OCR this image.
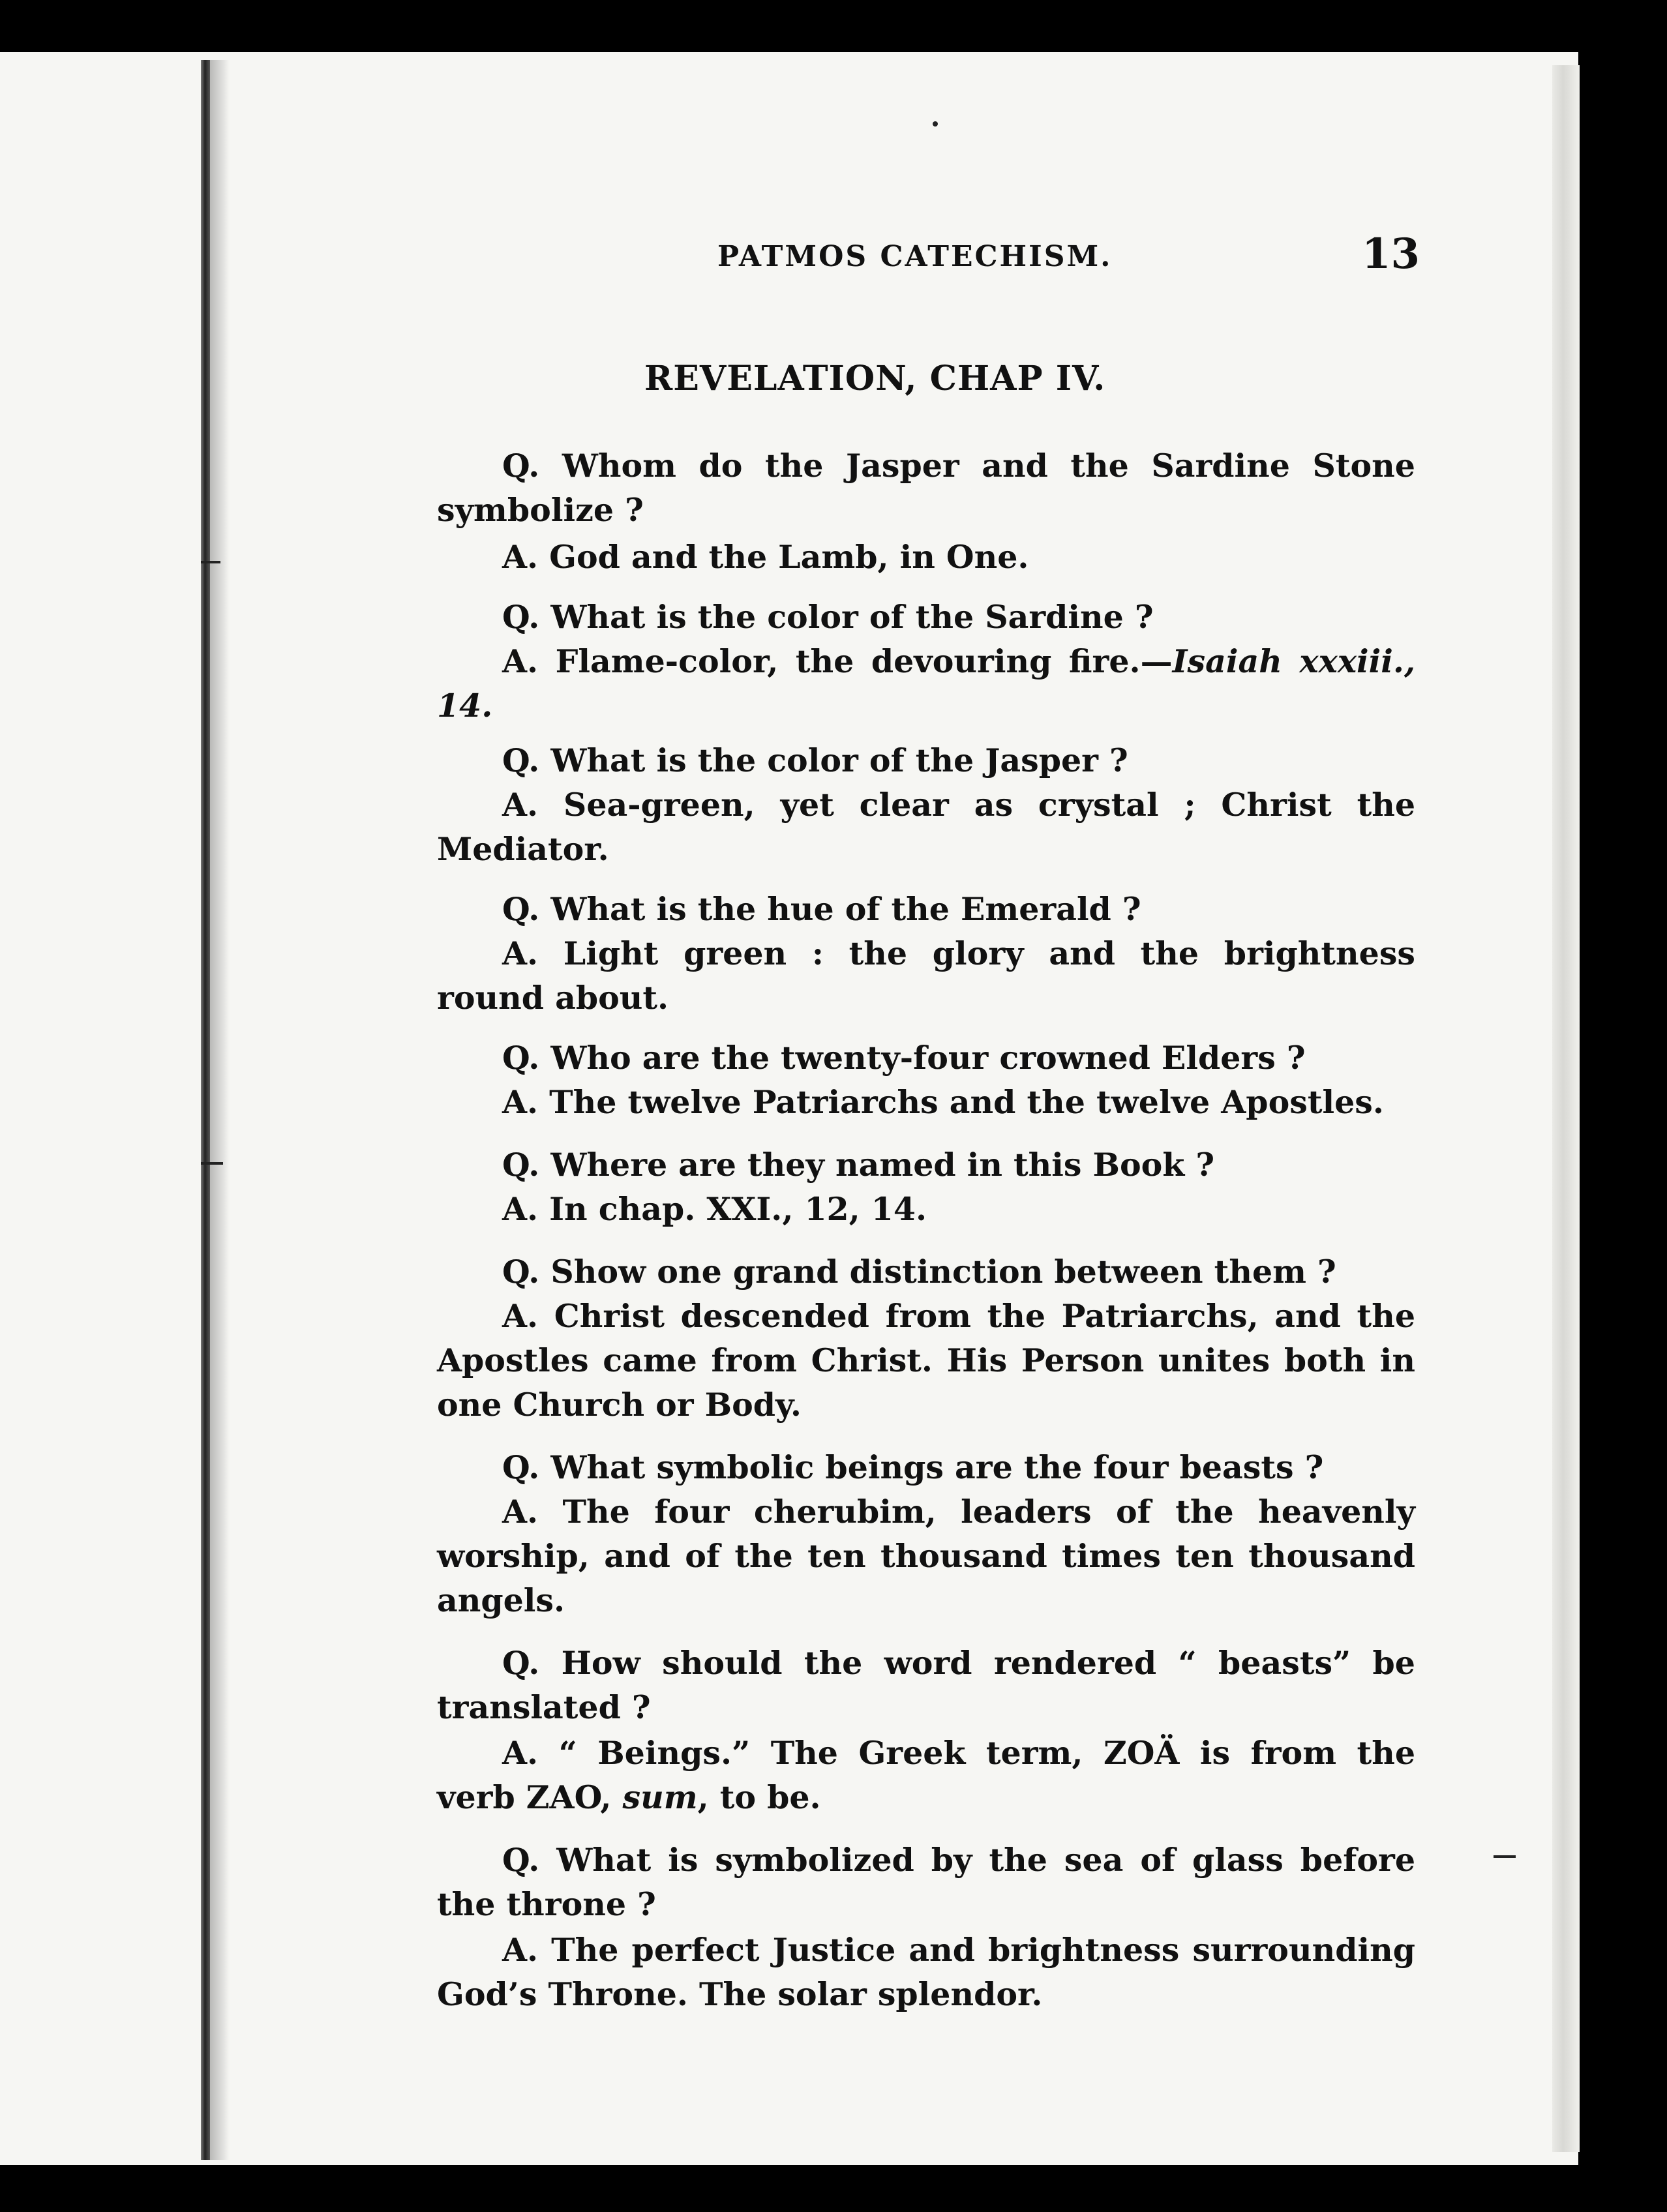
PATMOS CATECHISM.	13
REVELATION, CHAP IV.
Q. Whom do the Jasper and the Sardine Stone symbolize ?
A. God and the Lamb, in One.
Q. What is the color of the Sardine ?
A. Flame-color, the devouring fire.—Isaiah xxxiii., 14.
Q. What is the color of the Jasper ?
A. Sea-green, yet clear as crystal ; Christ the Mediator.
Q. What is the hue of the Emerald ?
A. Light green : the glory and the brightness round about.
Q. Who are the twenty-four crowned Elders ?
A. The twelve Patriarchs and the twelve Apostles.
Q. Where are they named in this Book ?
A. In chap. XXI., 12, 14.
Q. Show one grand distinction between them ?
A. Christ descended from the Patriarchs, and the Apostles came from Christ. His Person unites both in one Church or Body.
Q. What symbolic beings are the four beasts ?
A. The four cherubim, leaders of the heavenly worship, and of the ten thousand times ten thousand angels.
Q. How should the word rendered “ beasts” be translated ?
A. “ Beings.” The Greek term, ZOÄ is from the verb ZAO, sum, to be.
Q. What is symbolized by the sea of glass before the throne ?
A. The perfect Justice and brightness surrounding God’s Throne. The solar splendor.
